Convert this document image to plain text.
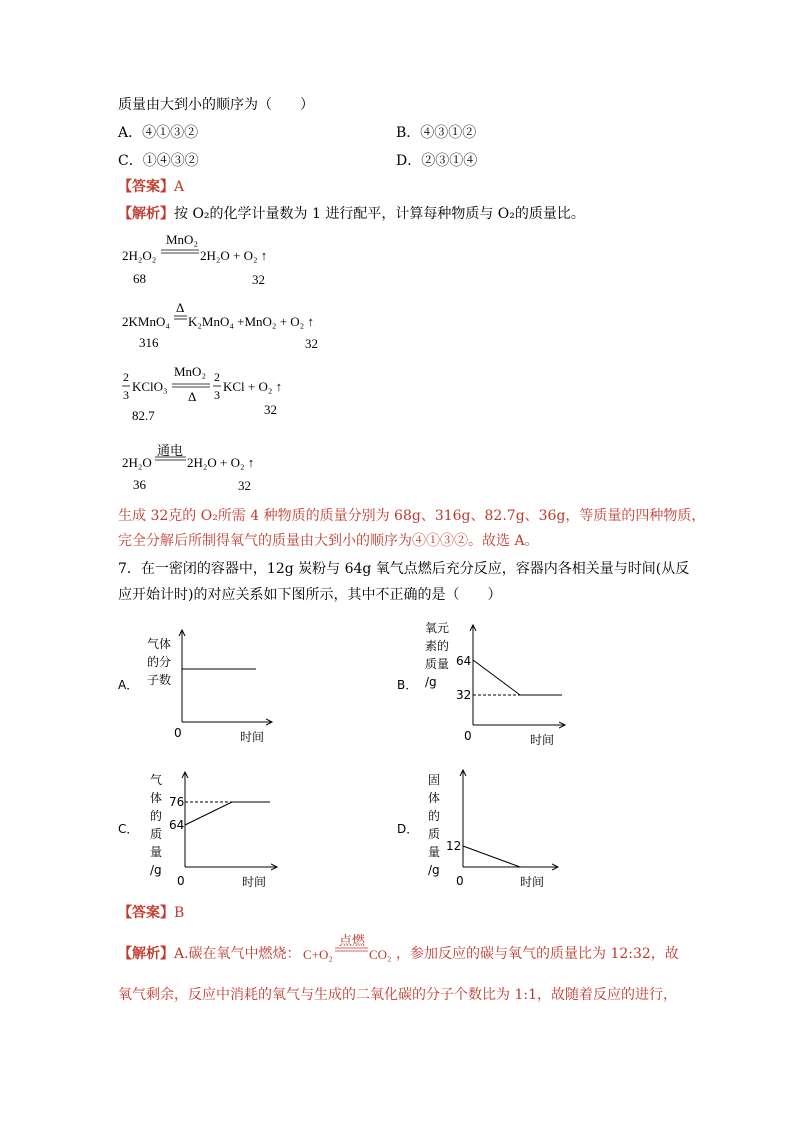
质量由大到小的顺序为（　　）
A．④①③②	B．④③①②
C．①④③②	D．②③①④
【答案】A
【解析】按 O₂的化学计量数为 1 进行配平，计算每种物质与 O₂的质量比。
2H₂O₂
MnO₂
2H₂O + O₂ ↑
68	32
2KMnO₄
Δ
K₂MnO₄ +MnO₂ + O₂ ↑
316	32
2
3
KClO₃
MnO₂
Δ
2
3
KCl + O₂ ↑
82.7	32
2H₂O
通电
2H₂O + O₂ ↑
36	32
生成 32克的 O₂所需 4 种物质的质量分别为 68g、316g、82.7g、36g，等质量的四种物质，
完全分解后所制得氧气的质量由大到小的顺序为④①③②。故选 A。
7．在一密闭的容器中，12g 炭粉与 64g 氧气点燃后充分反应，容器内各相关量与时间(从反
应开始计时)的对应关系如下图所示，其中不正确的是（　　）
A．
气体
的分
子数
0	时间
B．
氧元
素的
质量
/g
64
32
0	时间
C．
气
体
的
质
量
/g
76
64
0	时间
D．
固
体
的
质
量
/g
12
0	时间
【答案】B
【解析】A.碳在氧气中燃烧： C+O₂
点燃
CO₂ ，参加反应的碳与氧气的质量比为 12:32，故
氧气剩余，反应中消耗的氧气与生成的二氧化碳的分子个数比为 1:1，故随着反应的进行，
